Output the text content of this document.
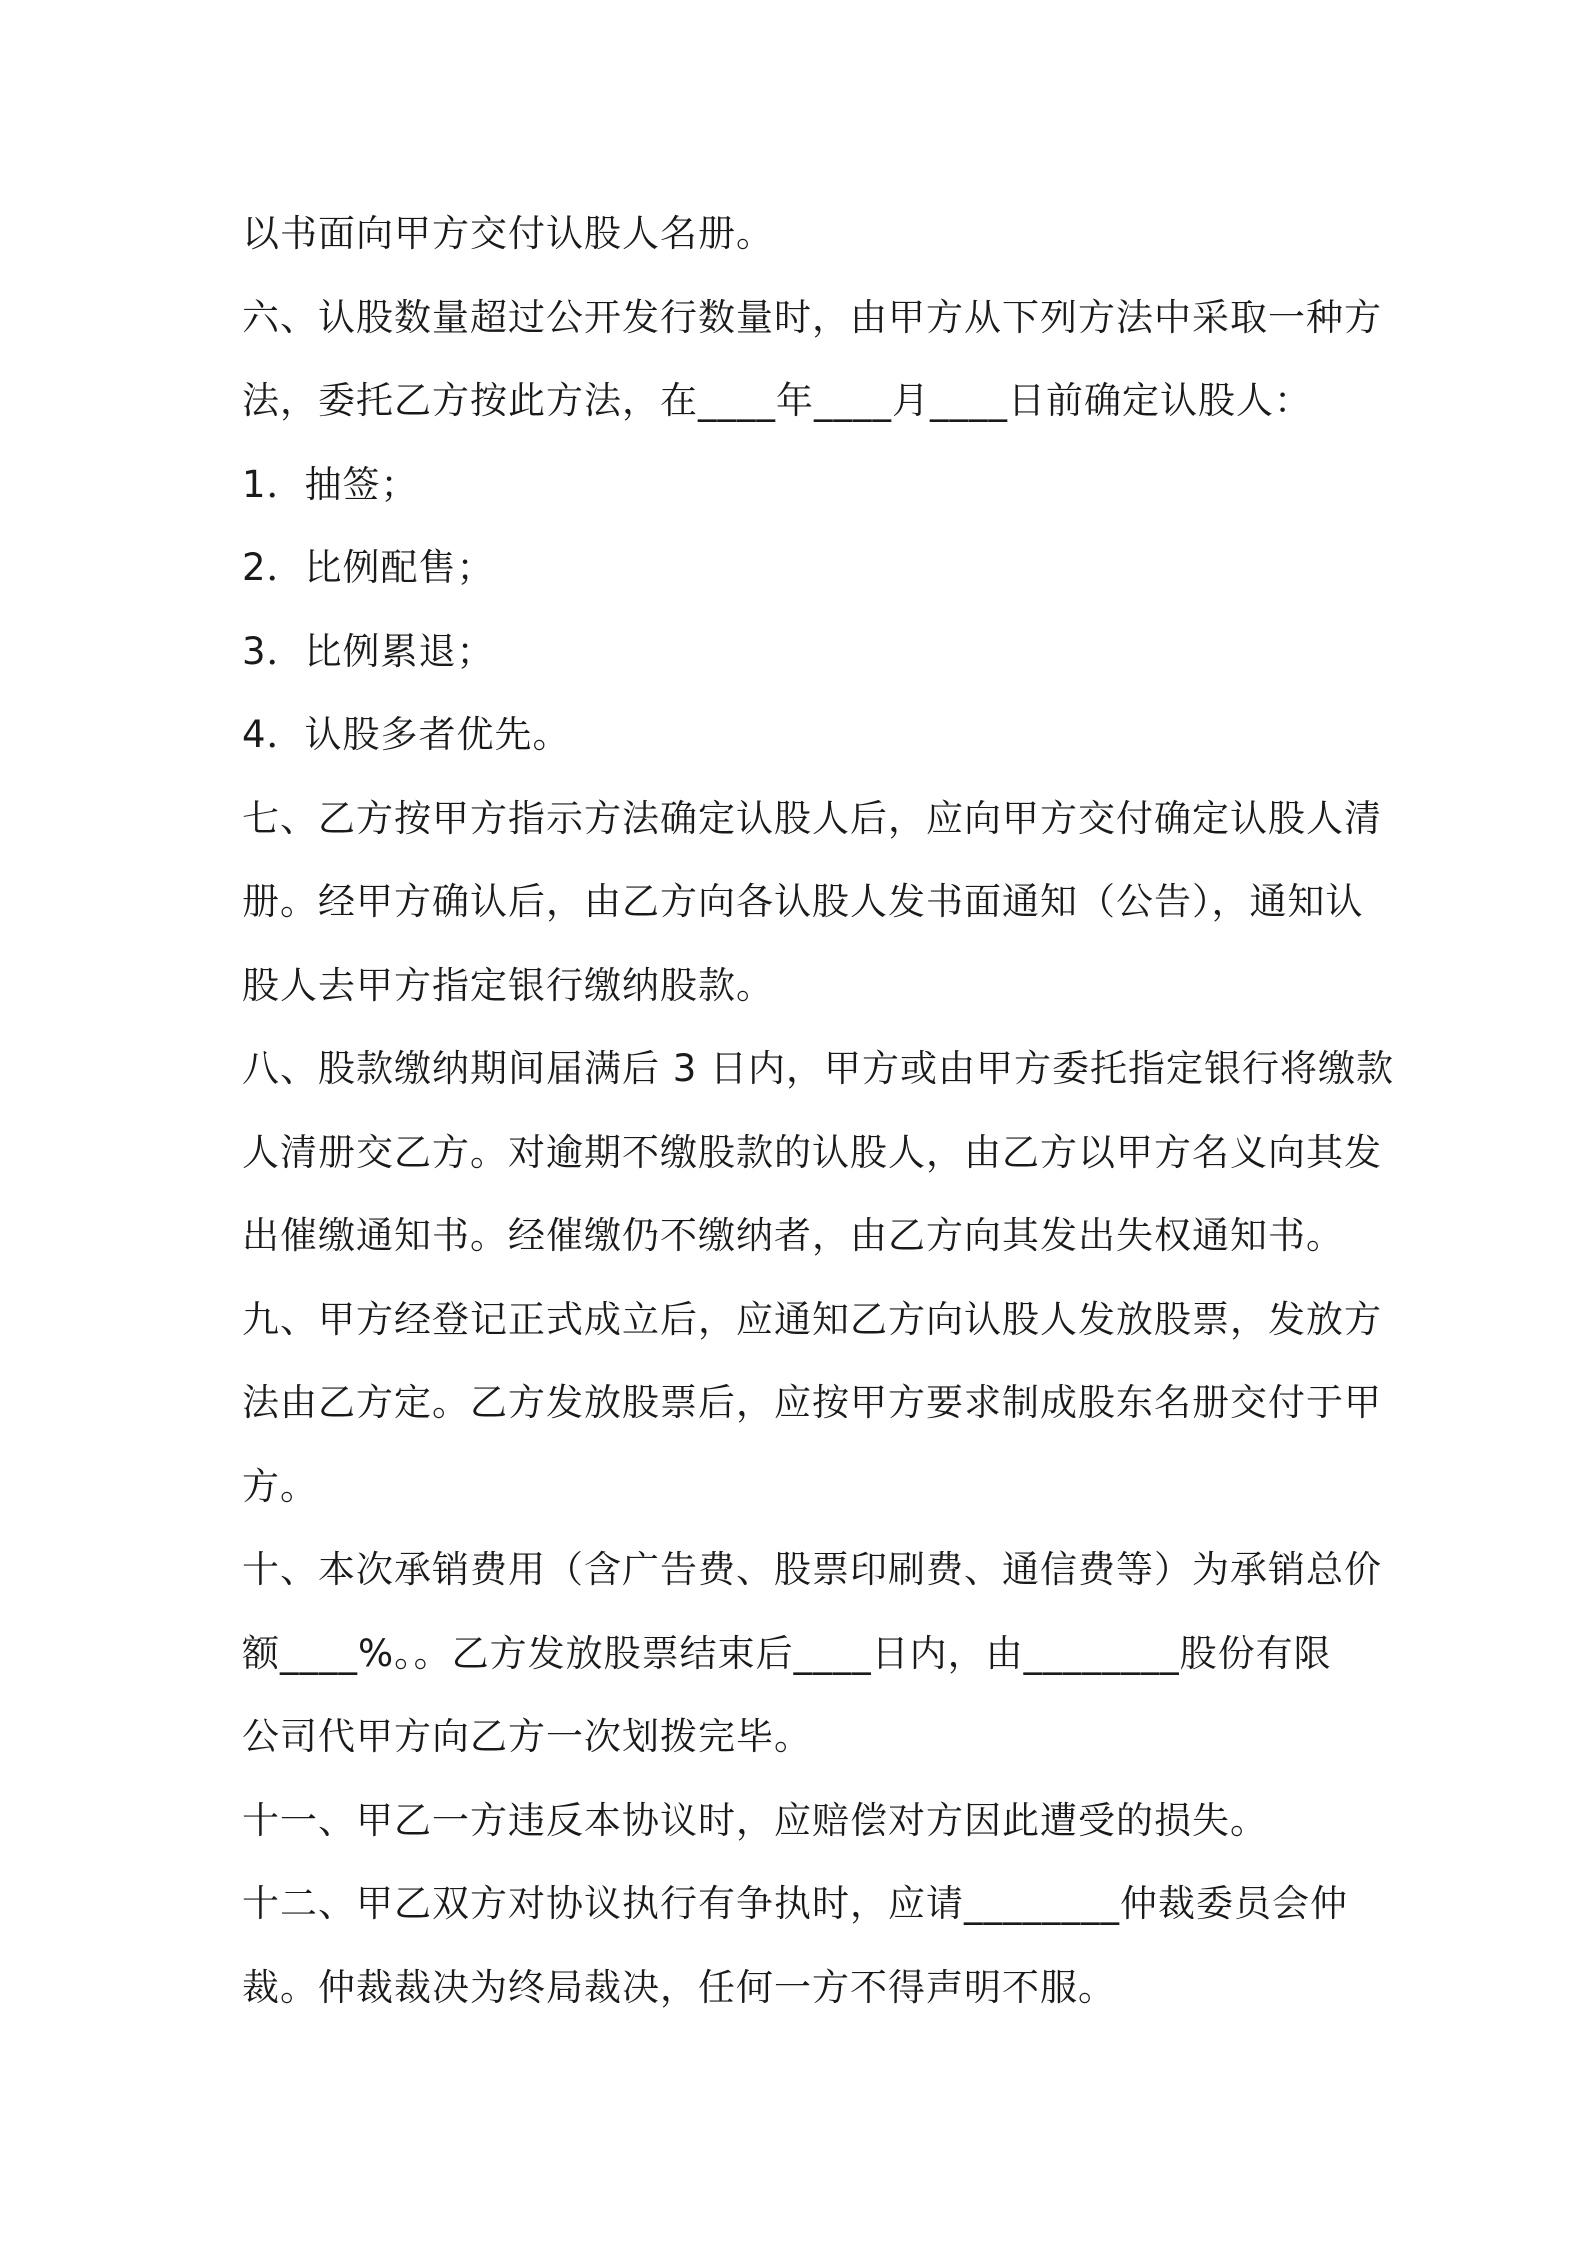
以书面向甲方交付认股人名册。

六、认股数量超过公开发行数量时，由甲方从下列方法中采取一种方

法，委托乙方按此方法，在____年____月____日前确定认股人：

1．抽签；

2．比例配售；

3．比例累退；

4．认股多者优先。

七、乙方按甲方指示方法确定认股人后，应向甲方交付确定认股人清

册。经甲方确认后，由乙方向各认股人发书面通知（公告），通知认

股人去甲方指定银行缴纳股款。

八、股款缴纳期间届满后 3 日内，甲方或由甲方委托指定银行将缴款

人清册交乙方。对逾期不缴股款的认股人，由乙方以甲方名义向其发

出催缴通知书。经催缴仍不缴纳者，由乙方向其发出失权通知书。

九、甲方经登记正式成立后，应通知乙方向认股人发放股票，发放方

法由乙方定。乙方发放股票后，应按甲方要求制成股东名册交付于甲

方。

十、本次承销费用（含广告费、股票印刷费、通信费等）为承销总价

额____%。。乙方发放股票结束后____日内，由________股份有限

公司代甲方向乙方一次划拨完毕。

十一、甲乙一方违反本协议时，应赔偿对方因此遭受的损失。

十二、甲乙双方对协议执行有争执时，应请________仲裁委员会仲

裁。仲裁裁决为终局裁决，任何一方不得声明不服。
